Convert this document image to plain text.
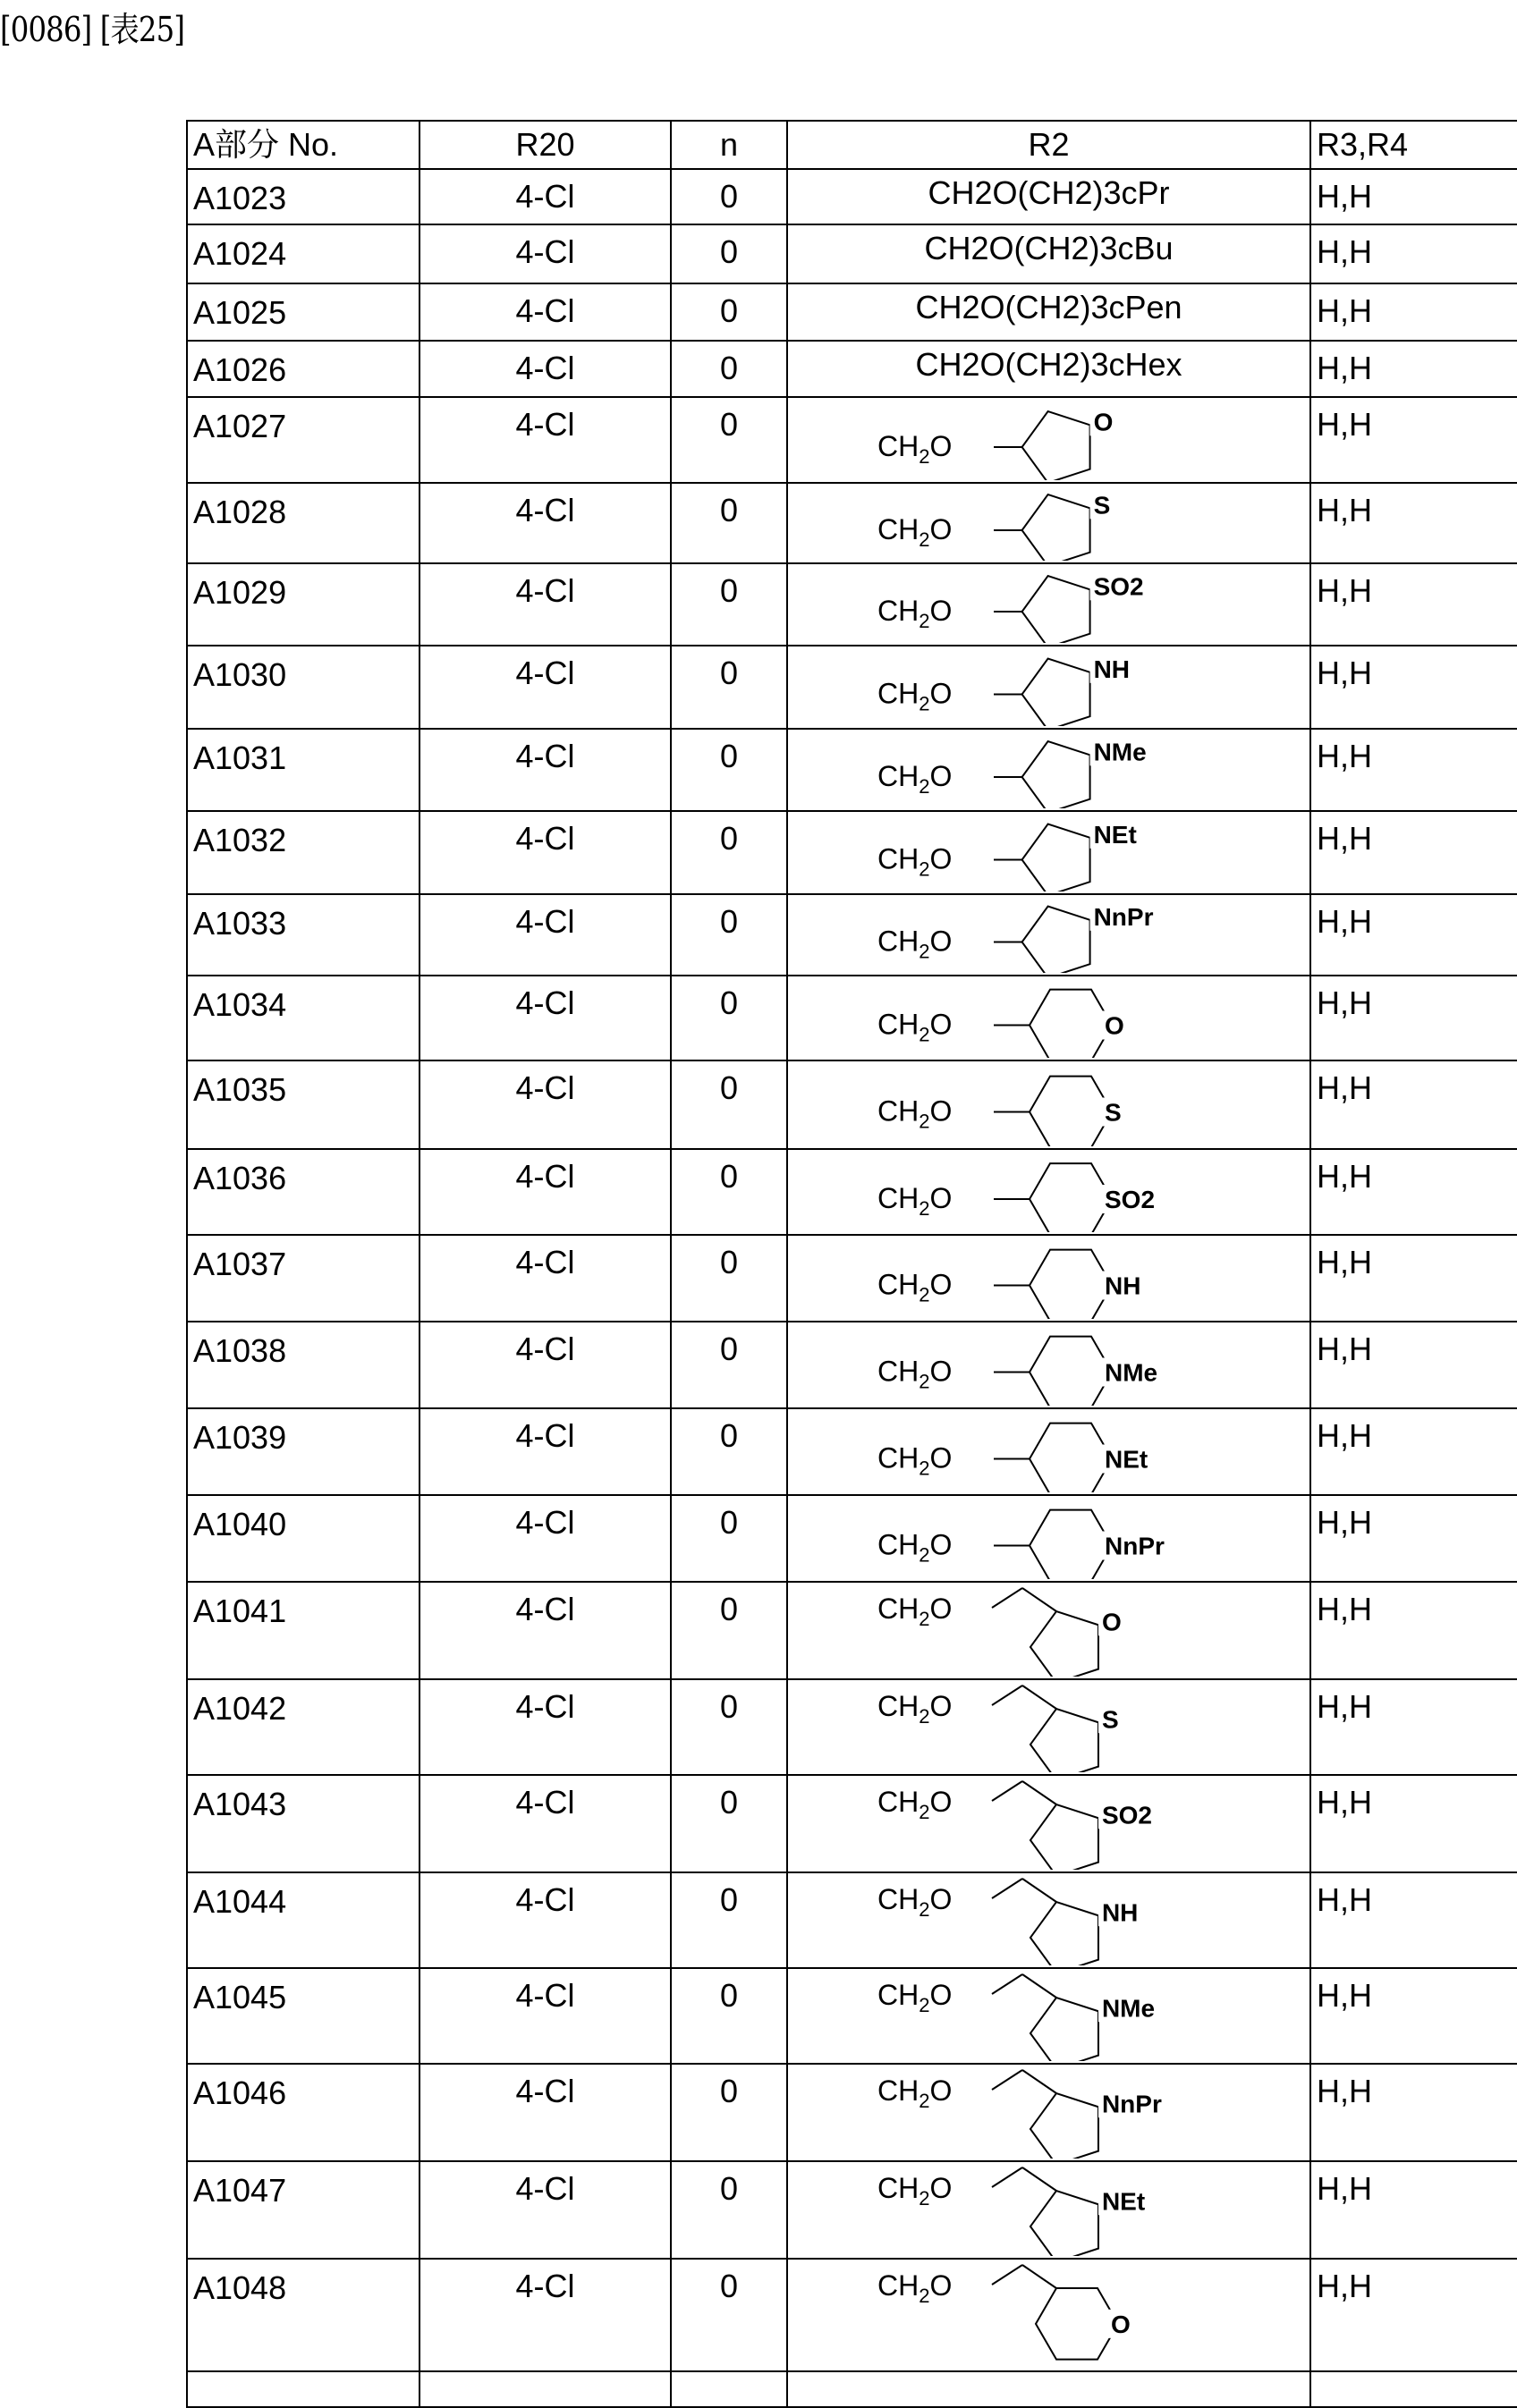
[0086] [表25]
A部分 No.	R20	n	R2	R3,R4
A1023	4-Cl	0	CH2O(CH2)3cPr	H,H
A1024	4-Cl	0	CH2O(CH2)3cBu	H,H
A1025	4-Cl	0	CH2O(CH2)3cPen	H,H
A1026	4-Cl	0	CH2O(CH2)3cHex	H,H
A1027	4-Cl	0	
CH2O
O	H,H
A1028	4-Cl	0	
CH2O
S	H,H
A1029	4-Cl	0	
CH2O
SO2	H,H
A1030	4-Cl	0	
CH2O
NH	H,H
A1031	4-Cl	0	
CH2O
NMe	H,H
A1032	4-Cl	0	
CH2O
NEt	H,H
A1033	4-Cl	0	
CH2O
NnPr	H,H
A1034	4-Cl	0	
CH2O	O
	H,H
A1035	4-Cl	0	
CH2O	S
	H,H
A1036	4-Cl	0	
CH2O	SO2
	H,H
A1037	4-Cl	0	
CH2O	NH
	H,H
A1038	4-Cl	0	
CH2O	NMe
	H,H
A1039	4-Cl	0	
CH2O	NEt
	H,H
A1040	4-Cl	0	
CH2O	NnPr
	H,H
A1041	4-Cl	0	CH2O	O	H,H
A1042	4-Cl	0	CH2O	S	H,H
A1043	4-Cl	0	CH2O	SO2	H,H
A1044	4-Cl	0	CH2O	NH	H,H
A1045	4-Cl	0	CH2O	NMe	H,H
A1046	4-Cl	0	CH2O	NnPr	H,H
A1047	4-Cl	0	CH2O	NEt	H,H
A1048	4-Cl	0	CH2O
O
	H,H
